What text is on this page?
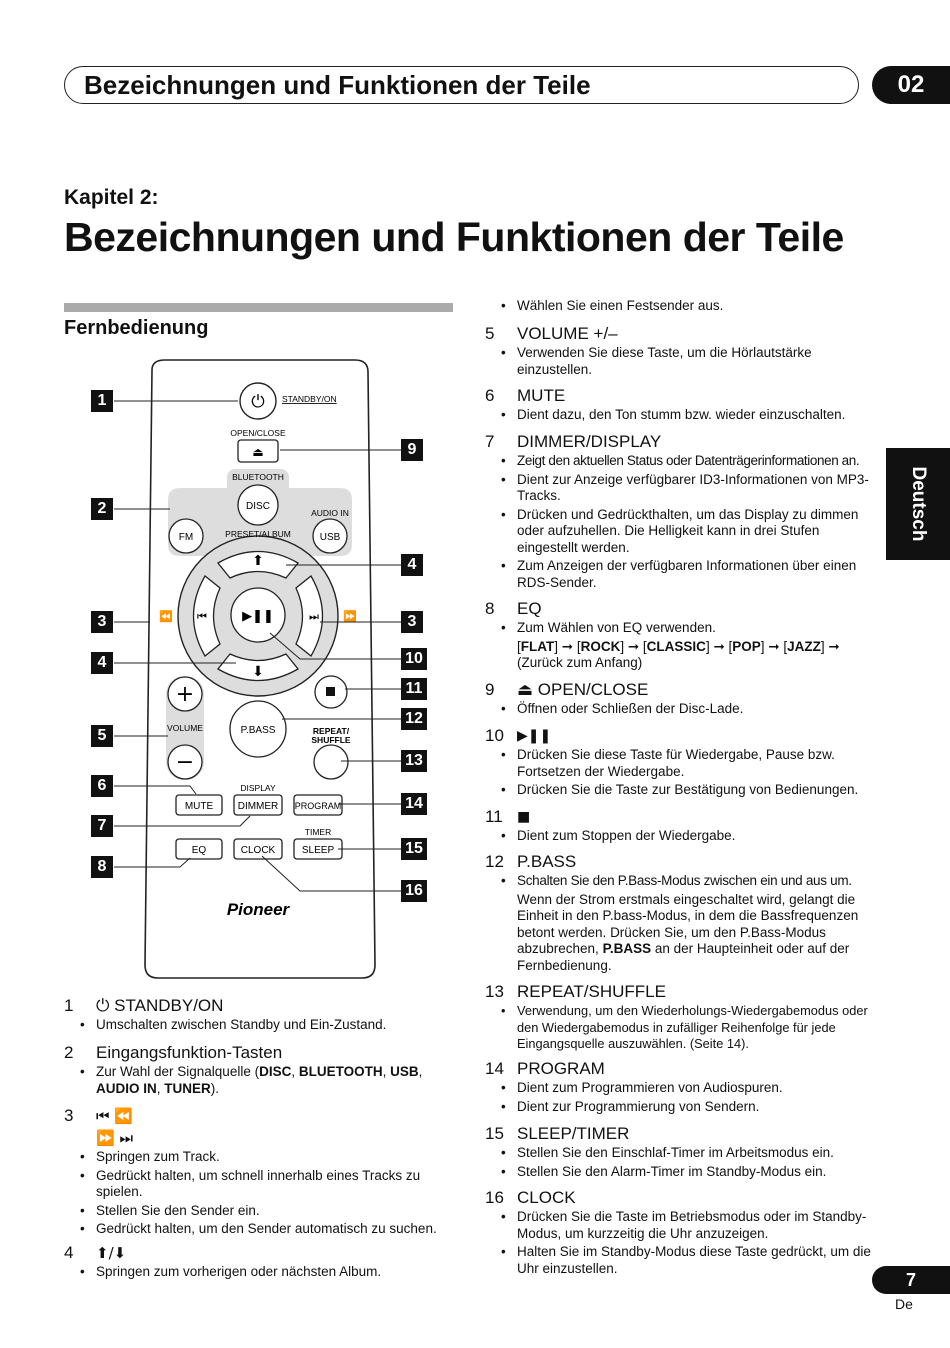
Bezeichnungen und Funktionen der Teile	02
Kapitel 2:
Bezeichnungen und Funktionen der Teile
Deutsch
Fernbedienung
▶❚❚
⬆
⬇
⏮	⏭
⏪	⏩
⏻ STANDBY/ON
OPEN/CLOSE
⏏
BLUETOOTH
DISC
AUDIO IN
FM	PRESET/ALBUM	USB
+
VOLUME
−
P.BASS	REPEAT/
SHUFFLE
DISPLAY
MUTE DIMMER PROGRAM
TIMER
EQ	CLOCK	SLEEP
Pioneer
1
2
3
4
5
6
7
8
9
4
3
10
11
12
13
14
15
16
1 ⏻ STANDBY/ON
• Umschalten zwischen Standby und Ein-Zustand.
2 Eingangsfunktion-Tasten
• Zur Wahl der Signalquelle (DISC, BLUETOOTH, USB, AUDIO IN, TUNER).
3 ⏮ ⏪
⏩ ⏭
• Springen zum Track.
• Gedrückt halten, um schnell innerhalb eines Tracks zu spielen.
• Stellen Sie den Sender ein.
• Gedrückt halten, um den Sender automatisch zu suchen.
4 ⬆/⬇
• Springen zum vorherigen oder nächsten Album.
• Wählen Sie einen Festsender aus.
5 VOLUME +/–
• Verwenden Sie diese Taste, um die Hörlautstärke einzustellen.
6 MUTE
• Dient dazu, den Ton stumm bzw. wieder einzuschalten.
7 DIMMER/DISPLAY
• Zeigt den aktuellen Status oder Datenträgerinformationen an.
• Dient zur Anzeige verfügbarer ID3-Informationen von MP3-Tracks.
• Drücken und Gedrückthalten, um das Display zu dimmen oder aufzuhellen. Die Helligkeit kann in drei Stufen eingestellt werden.
• Zum Anzeigen der verfügbaren Informationen über einen RDS-Sender.
8 EQ
• Zum Wählen von EQ verwenden.
[FLAT] ➞ [ROCK] ➞ [CLASSIC] ➞ [POP] ➞ [JAZZ] ➞
(Zurück zum Anfang)
9 ⏏ OPEN/CLOSE
• Öffnen oder Schließen der Disc-Lade.
10 ▶❚❚
• Drücken Sie diese Taste für Wiedergabe, Pause bzw. Fortsetzen der Wiedergabe.
• Drücken Sie die Taste zur Bestätigung von Bedienungen.
11 ■
• Dient zum Stoppen der Wiedergabe.
12 P.BASS
• Schalten Sie den P.Bass-Modus zwischen ein und aus um.
Wenn der Strom erstmals eingeschaltet wird, gelangt die Einheit in den P.bass-Modus, in dem die Bassfrequenzen betont werden. Drücken Sie, um den P.Bass-Modus abzubrechen, P.BASS an der Haupteinheit oder auf der Fernbedienung.
13 REPEAT/SHUFFLE
• Verwendung, um den Wiederholungs-Wiedergabemodus oder den Wiedergabemodus in zufälliger Reihenfolge für jede Eingangsquelle auszuwählen. (Seite 14).
14 PROGRAM
• Dient zum Programmieren von Audiospuren.
• Dient zur Programmierung von Sendern.
15 SLEEP/TIMER
• Stellen Sie den Einschlaf-Timer im Arbeitsmodus ein.
• Stellen Sie den Alarm-Timer im Standby-Modus ein.
16 CLOCK
• Drücken Sie die Taste im Betriebsmodus oder im Standby-Modus, um kurzzeitig die Uhr anzuzeigen.
• Halten Sie im Standby-Modus diese Taste gedrückt, um die Uhr einzustellen.
7
De
